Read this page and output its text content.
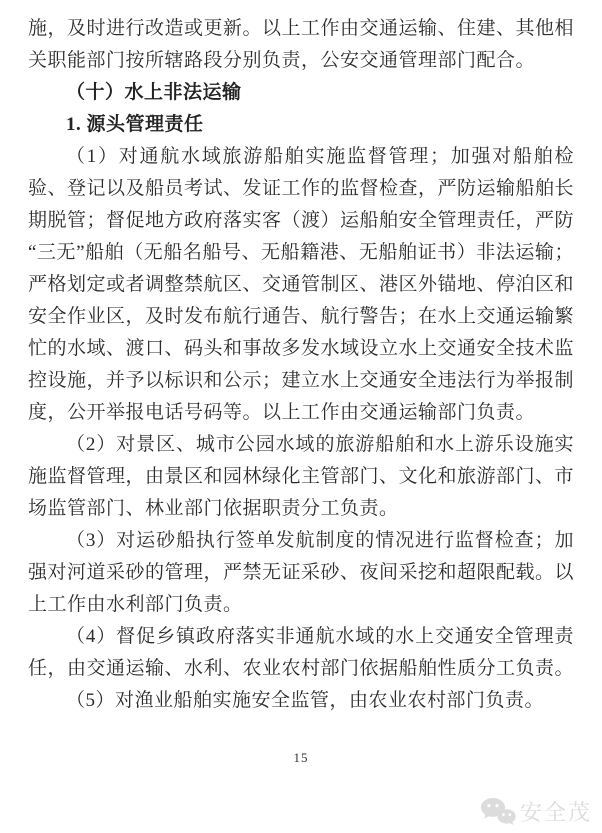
施，及时进行改造或更新。以上工作由交通运输、住建、其他相关职能部门按所辖路段分别负责，公安交通管理部门配合。

（十）水上非法运输

1. 源头管理责任

（1）对通航水域旅游船舶实施监督管理；加强对船舶检验、登记以及船员考试、发证工作的监督检查，严防运输船舶长期脱管；督促地方政府落实客（渡）运船舶安全管理责任，严防“三无”船舶（无船名船号、无船籍港、无船舶证书）非法运输；严格划定或者调整禁航区、交通管制区、港区外锚地、停泊区和安全作业区，及时发布航行通告、航行警告；在水上交通运输繁忙的水域、渡口、码头和事故多发水域设立水上交通安全技术监控设施，并予以标识和公示；建立水上交通安全违法行为举报制度，公开举报电话号码等。以上工作由交通运输部门负责。

（2）对景区、城市公园水域的旅游船舶和水上游乐设施实施监督管理，由景区和园林绿化主管部门、文化和旅游部门、市场监管部门、林业部门依据职责分工负责。

（3）对运砂船执行签单发航制度的情况进行监督检查；加强对河道采砂的管理，严禁无证采砂、夜间采挖和超限配载。以上工作由水利部门负责。

（4）督促乡镇政府落实非通航水域的水上交通安全管理责任，由交通运输、水利、农业农村部门依据船舶性质分工负责。

（5）对渔业船舶实施安全监管，由农业农村部门负责。

15
安全茂
